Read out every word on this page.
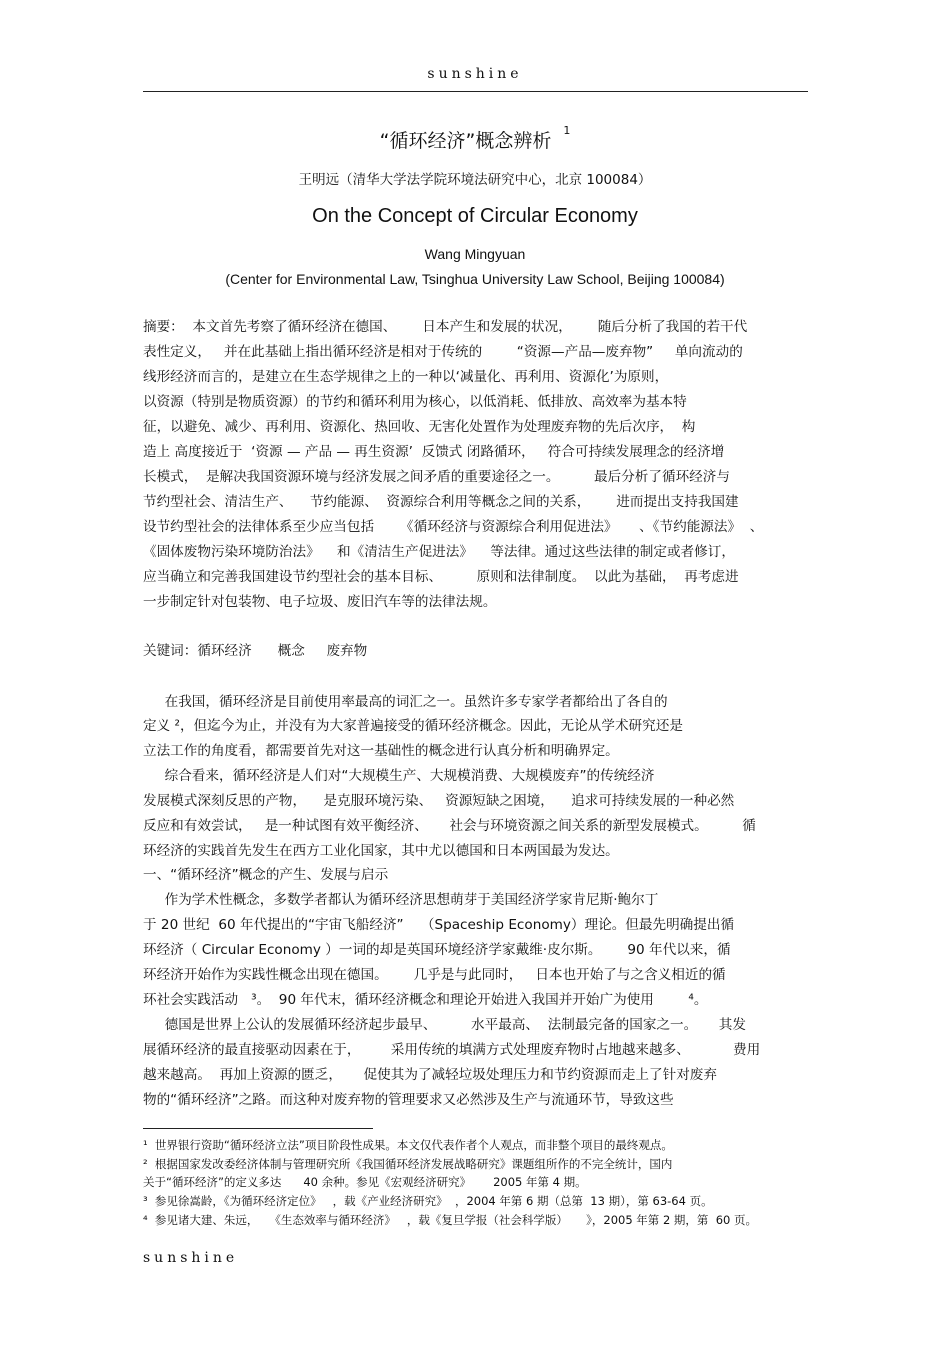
sunshine
“循环经济”概念辨析 $^1$
王明远（清华大学法学院环境法研究中心，北京 100084）
On the Concept of Circular Economy
Wang Mingyuan
(Center for Environmental Law, Tsinghua University Law School, Beijing 100084)
摘要：  本文首先考察了循环经济在德国、      日本产生和发展的状况，      随后分析了我国的若干代
表性定义，   并在此基础上指出循环经济是相对于传统的        “资源—产品—废弃物”     单向流动的
线形经济而言的，是建立在生态学规律之上的一种以‘减量化、再利用、资源化’为原则，
以资源（特别是物质资源）的节约和循环利用为核心，以低消耗、低排放、高效率为基本特
征，以避免、减少、再利用、资源化、热回收、无害化处置作为处理废弃物的先后次序，  构
造上 高度接近于  ‘资源 — 产品 — 再生资源’  反馈式 闭路循环，   符合可持续发展理念的经济增
长模式，  是解决我国资源环境与经济发展之间矛盾的重要途径之一。        最后分析了循环经济与
节约型社会、清洁生产、    节约能源、  资源综合利用等概念之间的关系，      进而提出支持我国建
设节约型社会的法律体系至少应当包括      《循环经济与资源综合利用促进法》     、《节约能源法》  、
《固体废物污染环境防治法》    和《清洁生产促进法》    等法律。通过这些法律的制定或者修订，
应当确立和完善我国建设节约型社会的基本目标、        原则和法律制度。  以此为基础，  再考虑进
一步制定针对包装物、电子垃圾、废旧汽车等的法律法规。
关键词：循环经济      概念     废弃物
在我国，循环经济是目前使用率最高的词汇之一。虽然许多专家学者都给出了各自的
定义 ²，但迄今为止，并没有为大家普遍接受的循环经济概念。因此，无论从学术研究还是
立法工作的角度看，都需要首先对这一基础性的概念进行认真分析和明确界定。
综合看来，循环经济是人们对“大规模生产、大规模消费、大规模废弃”的传统经济
发展模式深刻反思的产物，    是克服环境污染、   资源短缺之困境，    追求可持续发展的一种必然
反应和有效尝试，   是一种试图有效平衡经济、     社会与环境资源之间关系的新型发展模式。        循
环经济的实践首先发生在西方工业化国家，其中尤以德国和日本两国最为发达。
一、“循环经济”概念的产生、发展与启示
作为学术性概念，多数学者都认为循环经济思想萌芽于美国经济学家肯尼斯·鲍尔丁
于 20 世纪  60 年代提出的“宇宙飞船经济”    （Spaceship Economy）理论。但最先明确提出循
环经济（ Circular Economy ）一词的却是英国环境经济学家戴维·皮尔斯。      90 年代以来，循
环经济开始作为实践性概念出现在德国。      几乎是与此同时，   日本也开始了与之含义相近的循
环社会实践活动   ³。  90 年代末，循环经济概念和理论开始进入我国并开始广为使用        ⁴。
德国是世界上公认的发展循环经济起步最早、        水平最高、  法制最完备的国家之一。     其发
展循环经济的最直接驱动因素在于，       采用传统的填满方式处理废弃物时占地越来越多、          费用
越来越高。  再加上资源的匮乏，     促使其为了减轻垃圾处理压力和节约资源而走上了针对废弃
物的“循环经济”之路。而这种对废弃物的管理要求又必然涉及生产与流通环节，导致这些
¹  世界银行资助“循环经济立法”项目阶段性成果。本文仅代表作者个人观点，而非整个项目的最终观点。
²  根据国家发改委经济体制与管理研究所《我国循环经济发展战略研究》课题组所作的不完全统计，国内
关于“循环经济”的定义多达      40 余种。参见《宏观经济研究》      2005 年第 4 期。
³  参见徐嵩龄，《为循环经济定位》   ，载《产业经济研究》  ，2004 年第 6 期（总第  13 期），第 63-64 页。
⁴  参见诸大建、朱远，   《生态效率与循环经济》   ，载《复旦学报（社会科学版）     》，2005 年第 2 期，第  60 页。
sunshine
